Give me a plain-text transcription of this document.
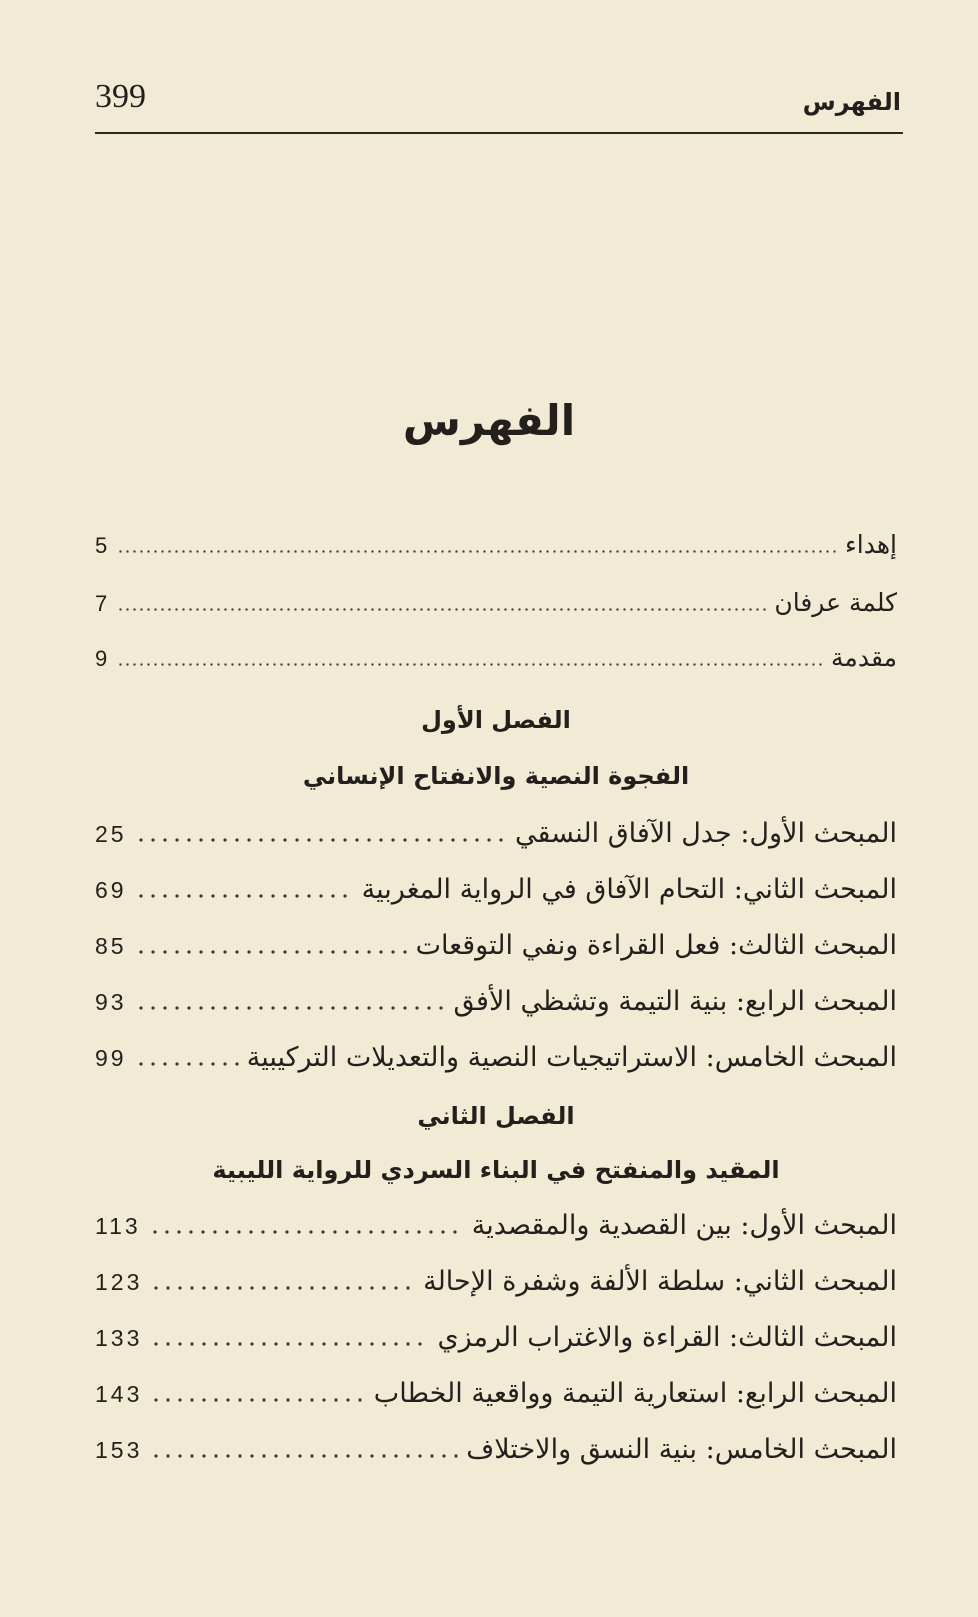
399	الفهرس
الفهرس
إهداء
5
كلمة عرفان
7
مقدمة
9
الفصل الأول
الفجوة النصية والانفتاح الإنساني
المبحث الأول: جدل الآفاق النسقي
25
المبحث الثاني: التحام الآفاق في الرواية المغربية
69
المبحث الثالث: فعل القراءة ونفي التوقعات
85
المبحث الرابع: بنية التيمة وتشظي الأفق
93
المبحث الخامس: الاستراتيجيات النصية والتعديلات التركيبية
99
الفصل الثاني
المقيد والمنفتح في البناء السردي للرواية الليبية
المبحث الأول: بين القصدية والمقصدية
113
المبحث الثاني: سلطة الألفة وشفرة الإحالة
123
المبحث الثالث: القراءة والاغتراب الرمزي
133
المبحث الرابع: استعارية التيمة وواقعية الخطاب
143
المبحث الخامس: بنية النسق والاختلاف
153
